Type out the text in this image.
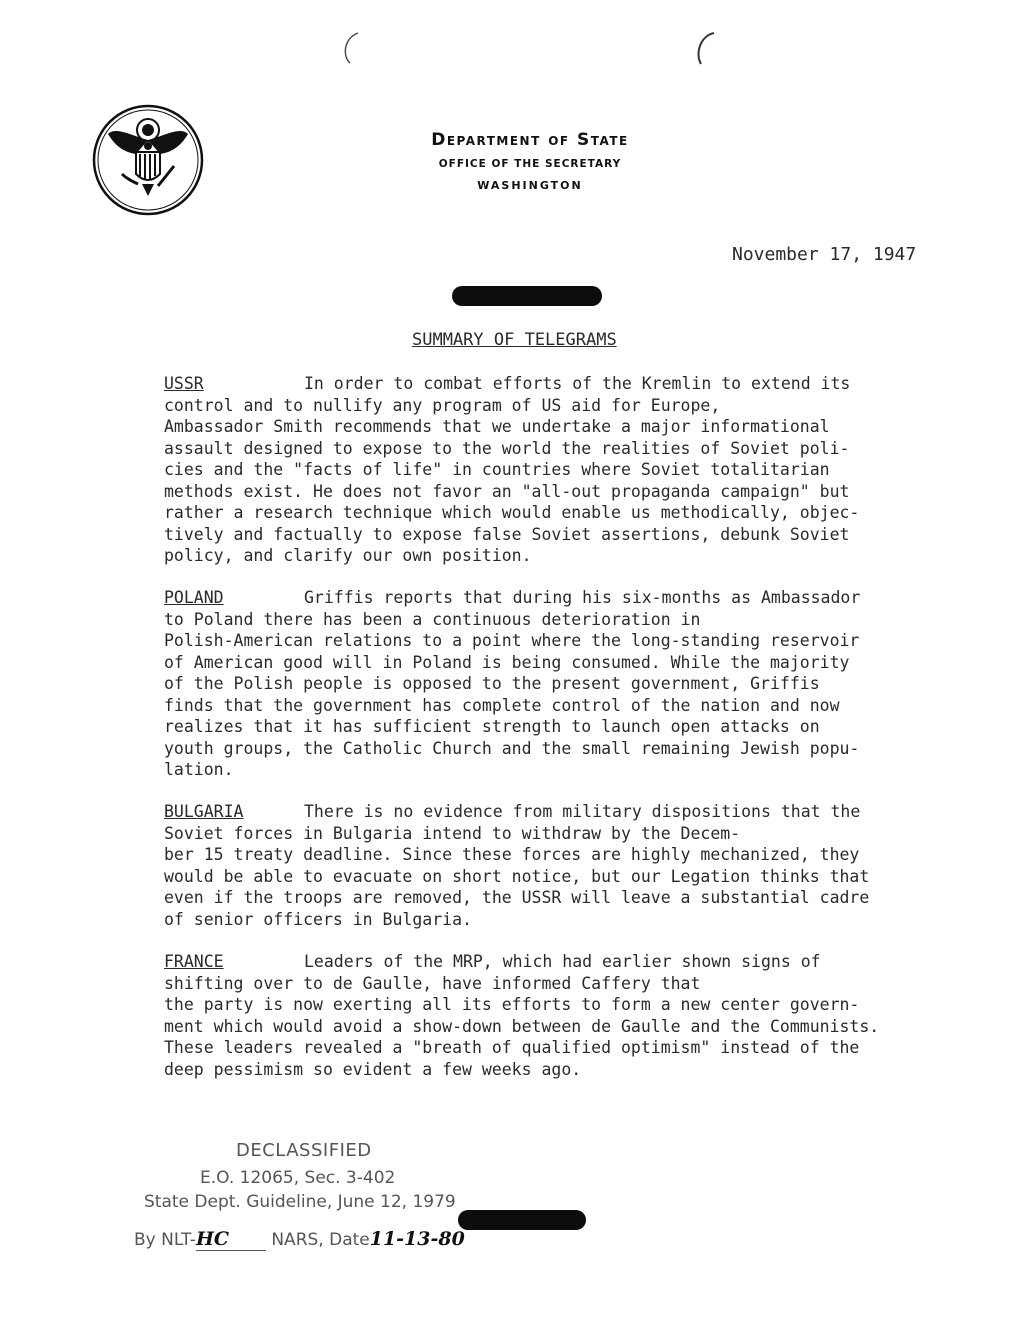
Department of State
OFFICE OF THE SECRETARY
WASHINGTON
November 17, 1947
SUMMARY OF TELEGRAMS
USSR	In order to combat efforts of the Kremlin to extend its
control and to nullify any program of US aid for Europe,
Ambassador Smith recommends that we undertake a major informational
assault designed to expose to the world the realities of Soviet poli-
cies and the "facts of life" in countries where Soviet totalitarian
methods exist. He does not favor an "all-out propaganda campaign" but
rather a research technique which would enable us methodically, objec-
tively and factually to expose false Soviet assertions, debunk Soviet
policy, and clarify our own position.

POLAND	Griffis reports that during his six-months as Ambassador
to Poland there has been a continuous deterioration in
Polish-American relations to a point where the long-standing reservoir
of American good will in Poland is being consumed. While the majority
of the Polish people is opposed to the present government, Griffis
finds that the government has complete control of the nation and now
realizes that it has sufficient strength to launch open attacks on
youth groups, the Catholic Church and the small remaining Jewish popu-
lation.

BULGARIA	There is no evidence from military dispositions that the
Soviet forces in Bulgaria intend to withdraw by the Decem-
ber 15 treaty deadline. Since these forces are highly mechanized, they
would be able to evacuate on short notice, but our Legation thinks that
even if the troops are removed, the USSR will leave a substantial cadre
of senior officers in Bulgaria.

FRANCE	Leaders of the MRP, which had earlier shown signs of
shifting over to de Gaulle, have informed Caffery that
the party is now exerting all its efforts to form a new center govern-
ment which would avoid a show-down between de Gaulle and the Communists.
These leaders revealed a "breath of qualified optimism" instead of the
deep pessimism so evident a few weeks ago.

DECLASSIFIED
E.O. 12065, Sec. 3-402
State Dept. Guideline, June 12, 1979
By NLT-HC NARS, Date11-13-80
